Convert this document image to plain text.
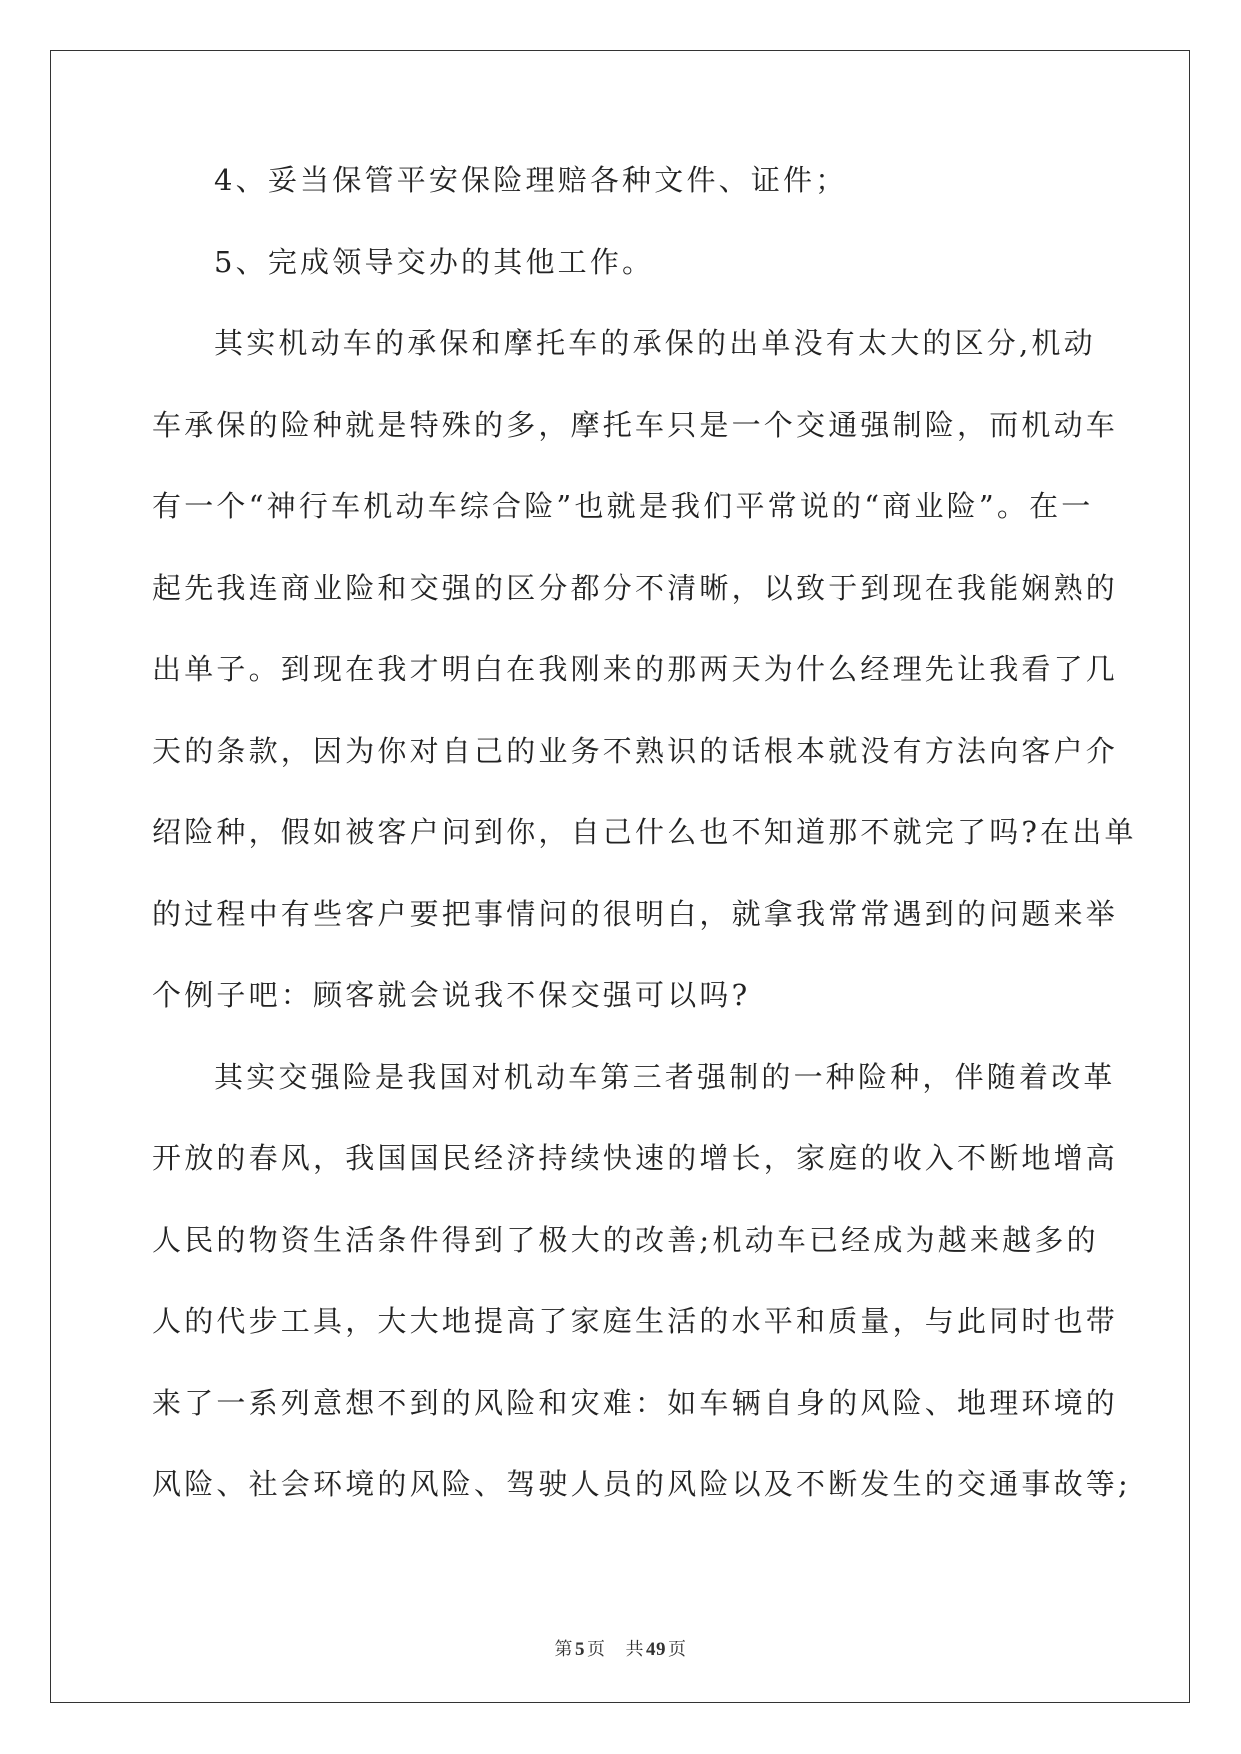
4、妥当保管平安保险理赔各种文件、证件；
5、完成领导交办的其他工作。
其实机动车的承保和摩托车的承保的出单没有太大的区分,机动
车承保的险种就是特殊的多，摩托车只是一个交通强制险，而机动车
有一个“神行车机动车综合险”也就是我们平常说的“商业险”。在一
起先我连商业险和交强的区分都分不清晰，以致于到现在我能娴熟的
出单子。到现在我才明白在我刚来的那两天为什么经理先让我看了几
天的条款，因为你对自己的业务不熟识的话根本就没有方法向客户介
绍险种，假如被客户问到你，自己什么也不知道那不就完了吗?在出单
的过程中有些客户要把事情问的很明白，就拿我常常遇到的问题来举
个例子吧：顾客就会说我不保交强可以吗?
其实交强险是我国对机动车第三者强制的一种险种，伴随着改革
开放的春风，我国国民经济持续快速的增长，家庭的收入不断地增高
人民的物资生活条件得到了极大的改善;机动车已经成为越来越多的
人的代步工具，大大地提高了家庭生活的水平和质量，与此同时也带
来了一系列意想不到的风险和灾难：如车辆自身的风险、地理环境的
风险、社会环境的风险、驾驶人员的风险以及不断发生的交通事故等;
第 5 页 共 49 页
